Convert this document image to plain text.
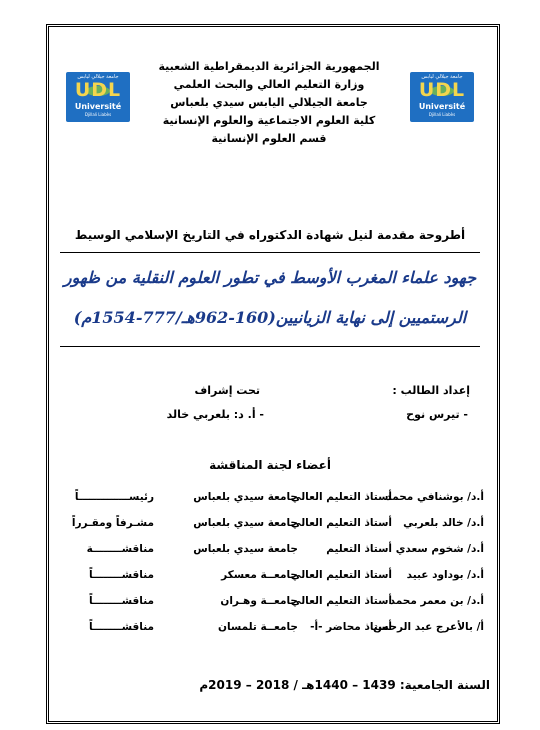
جامعة جيلالي ليابس
UDL
Université
Djillali Liabès
جامعة جيلالي ليابس
UDL
Université
Djillali Liabès
الجمهورية الجزائرية الديمقراطية الشعبية
وزارة التعليم العالي والبحث العلمي
جامعة الجيلالي اليابس سيدي بلعباس
كلية العلوم الاجتماعية والعلوم الإنسانية
قسم العلوم الإنسانية
أطروحة مقدمة لنيل شهادة الدكتوراه في التاريخ الإسلامي الوسيط
جهود علماء المغرب الأوسط في تطور العلوم النقلية من ظهور
الرستميين إلى نهاية الزيانيين(160-962هـ/777-1554م)
إعداد الطالب :
- تيرس نوح
تحت إشراف
- أ. د: بلعربي خالد
أعضاء لجنة المناقشة
أ.د/ بوشنافي محمد
أستاذ التعليم العالي
جامعة سيدي بلعباس
رئيســــــــــــــاً
أ.د/ خالد بلعربي
أستاذ التعليم العالي
جامعة سيدي بلعباس
مشـرفاً ومقـرراً
أ.د/ شخوم سعدي
أستاذ التعليم
جامعة سيدي بلعباس
مناقشــــــــة
أ.د/ بوداود عبيد
أستاذ التعليم العالي
جامعــة معسكر
مناقشــــــــاً
أ.د/ بن معمر محمد
أستاذ التعليم العالي
جامعــة وهـران
مناقشــــــــاً
أ/ بالأعرج عبد الرحمن
أستاذ محاضر -أ-
جامعــة تلمسان
مناقشــــــــاً
السنة الجامعية: 1439 – 1440هـ / 2018 – 2019م
